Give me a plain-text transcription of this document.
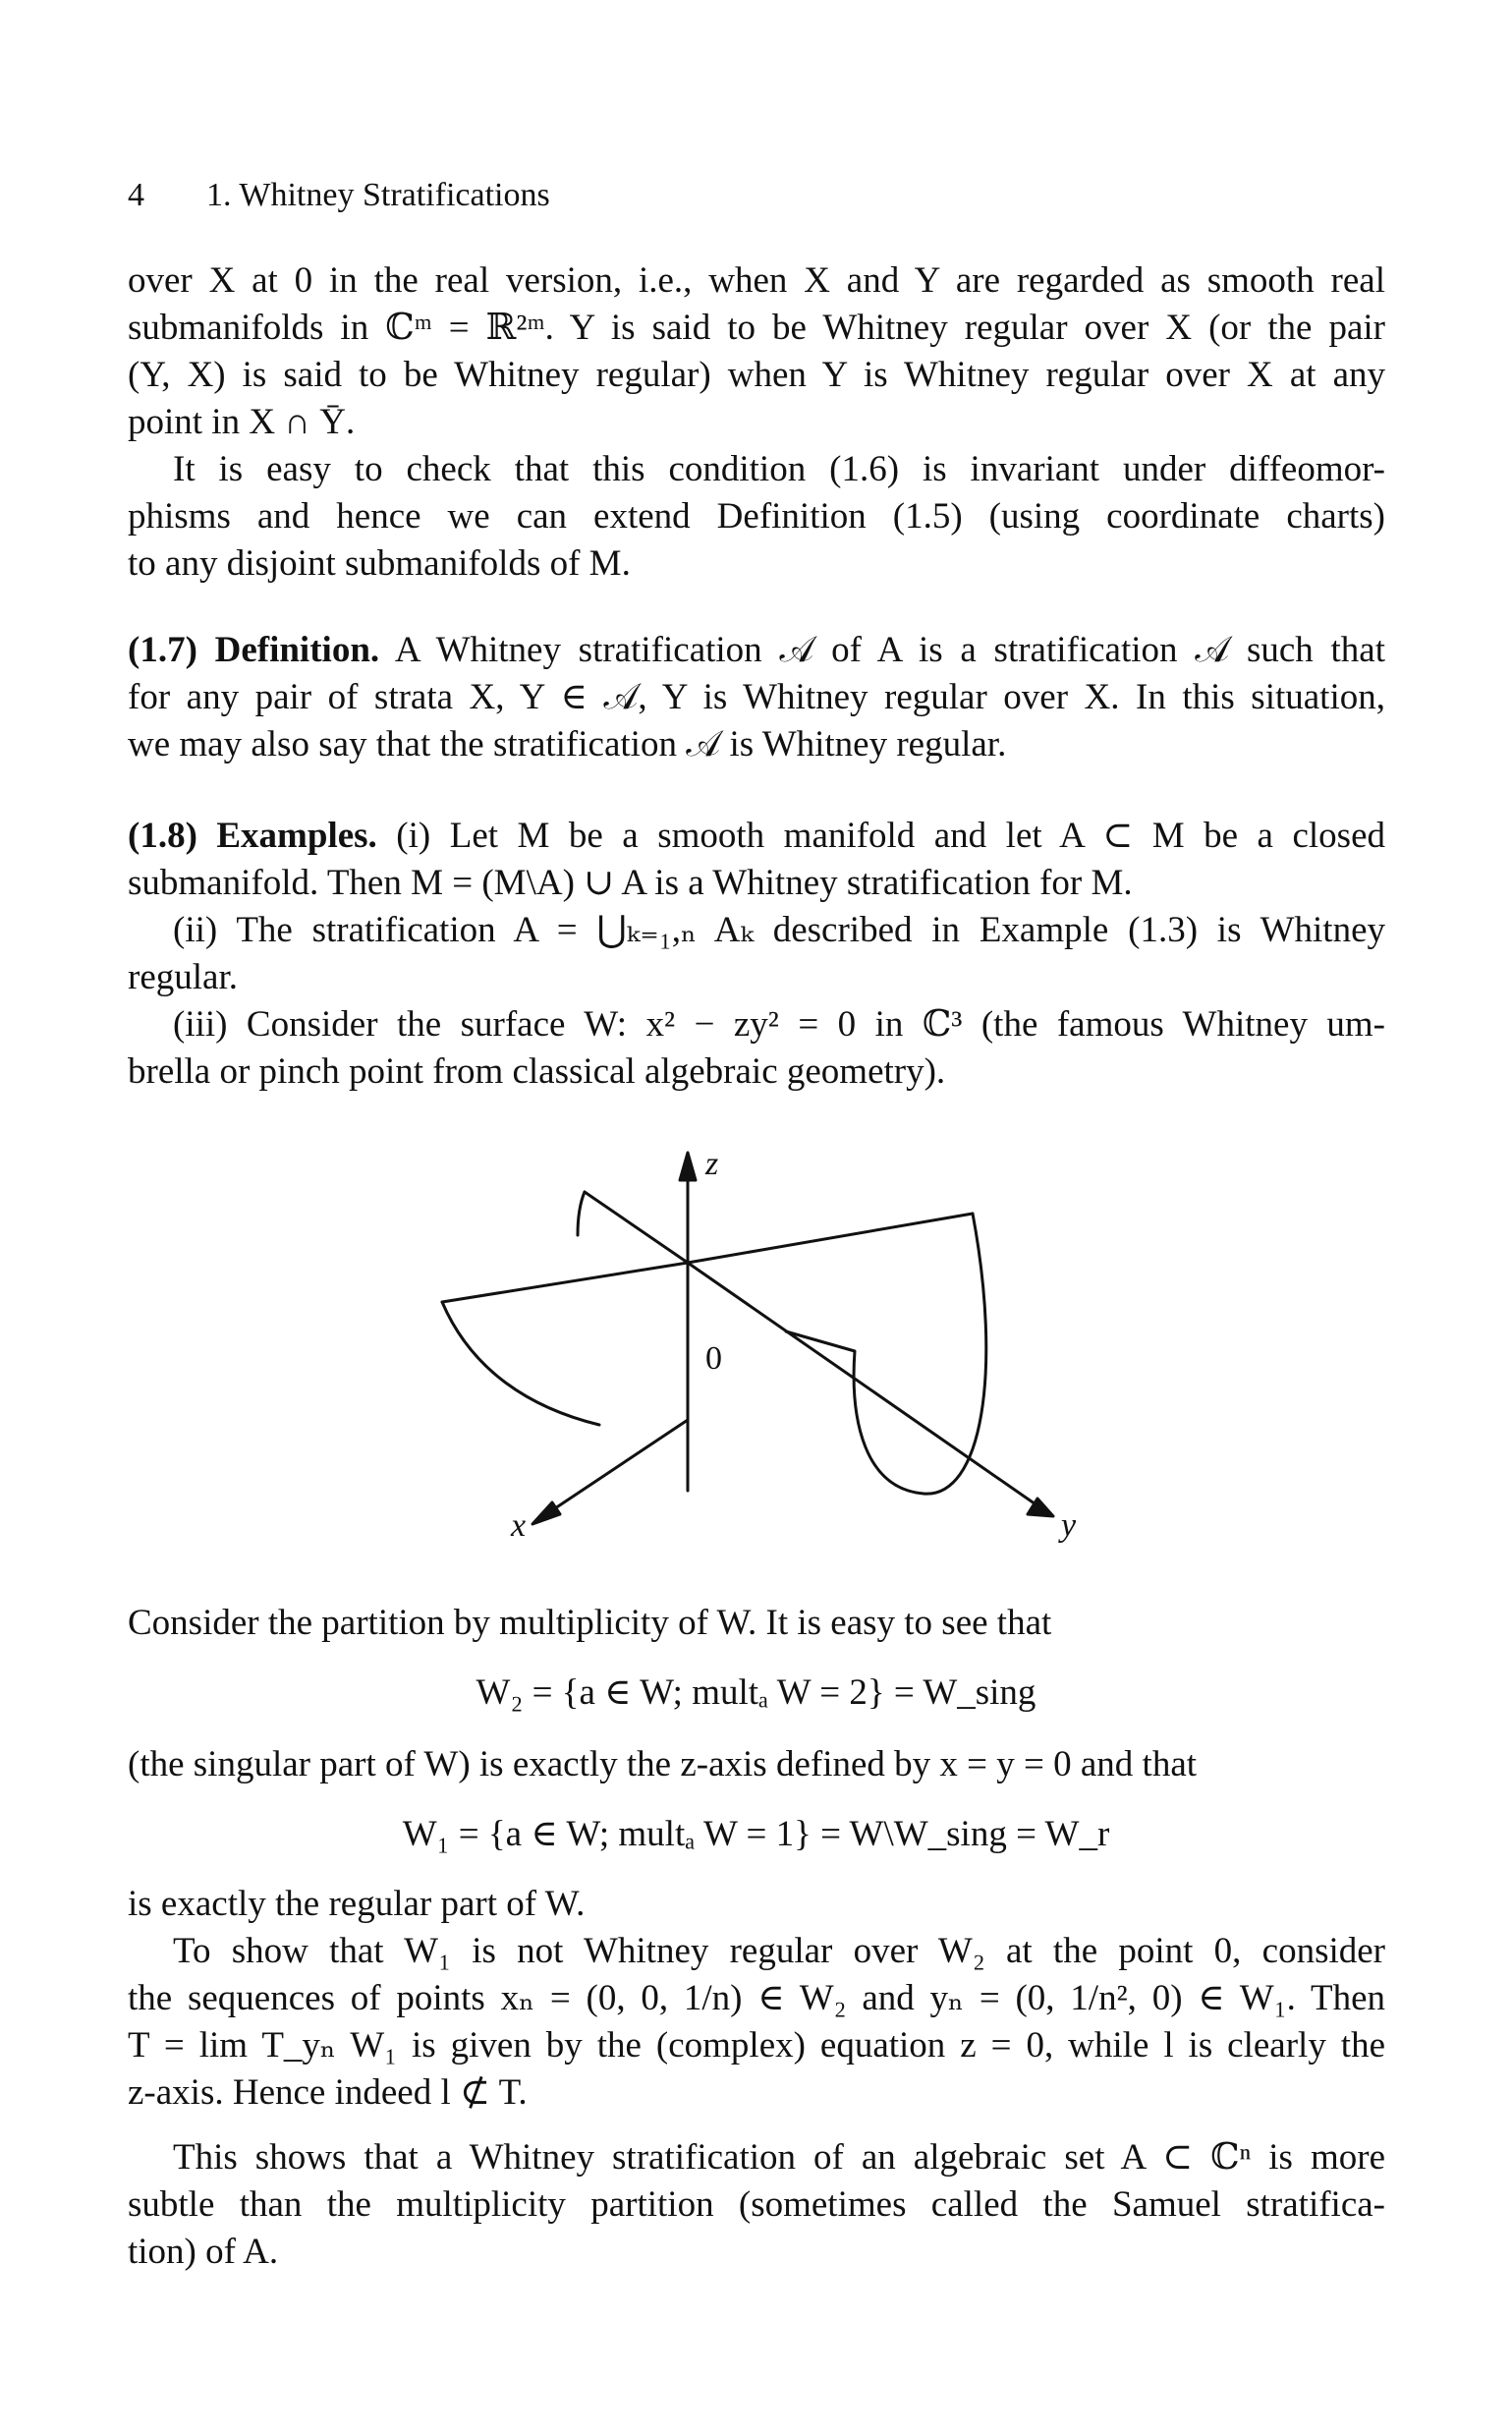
4 1. Whitney Stratifications
over X at 0 in the real version, i.e., when X and Y are regarded as smooth real
submanifolds in ℂᵐ = ℝ²ᵐ. Y is said to be Whitney regular over X (or the pair
(Y, X) is said to be Whitney regular) when Y is Whitney regular over X at any
point in X ∩ Ȳ.
It is easy to check that this condition (1.6) is invariant under diffeomor-
phisms and hence we can extend Definition (1.5) (using coordinate charts)
to any disjoint submanifolds of M.
(1.7) Definition. A Whitney stratification 𝒜 of A is a stratification 𝒜 such that
for any pair of strata X, Y ∈ 𝒜, Y is Whitney regular over X. In this situation,
we may also say that the stratification 𝒜 is Whitney regular.
(1.8) Examples. (i) Let M be a smooth manifold and let A ⊂ M be a closed
submanifold. Then M = (M\A) ∪ A is a Whitney stratification for M.
(ii) The stratification A = ⋃ₖ₌₁,ₙ Aₖ described in Example (1.3) is Whitney
regular.
(iii) Consider the surface W: x² − zy² = 0 in ℂ³ (the famous Whitney um-
brella or pinch point from classical algebraic geometry).
z
0
x	y
Consider the partition by multiplicity of W. It is easy to see that
W₂ = {a ∈ W; multₐ W = 2} = W_sing
(the singular part of W) is exactly the z-axis defined by x = y = 0 and that
W₁ = {a ∈ W; multₐ W = 1} = W\W_sing = W_r
is exactly the regular part of W.
To show that W₁ is not Whitney regular over W₂ at the point 0, consider
the sequences of points xₙ = (0, 0, 1/n) ∈ W₂ and yₙ = (0, 1/n², 0) ∈ W₁. Then
T = lim T_yₙ W₁ is given by the (complex) equation z = 0, while l is clearly the
z-axis. Hence indeed l ⊄ T.
This shows that a Whitney stratification of an algebraic set A ⊂ ℂⁿ is more
subtle than the multiplicity partition (sometimes called the Samuel stratifica-
tion) of A.
